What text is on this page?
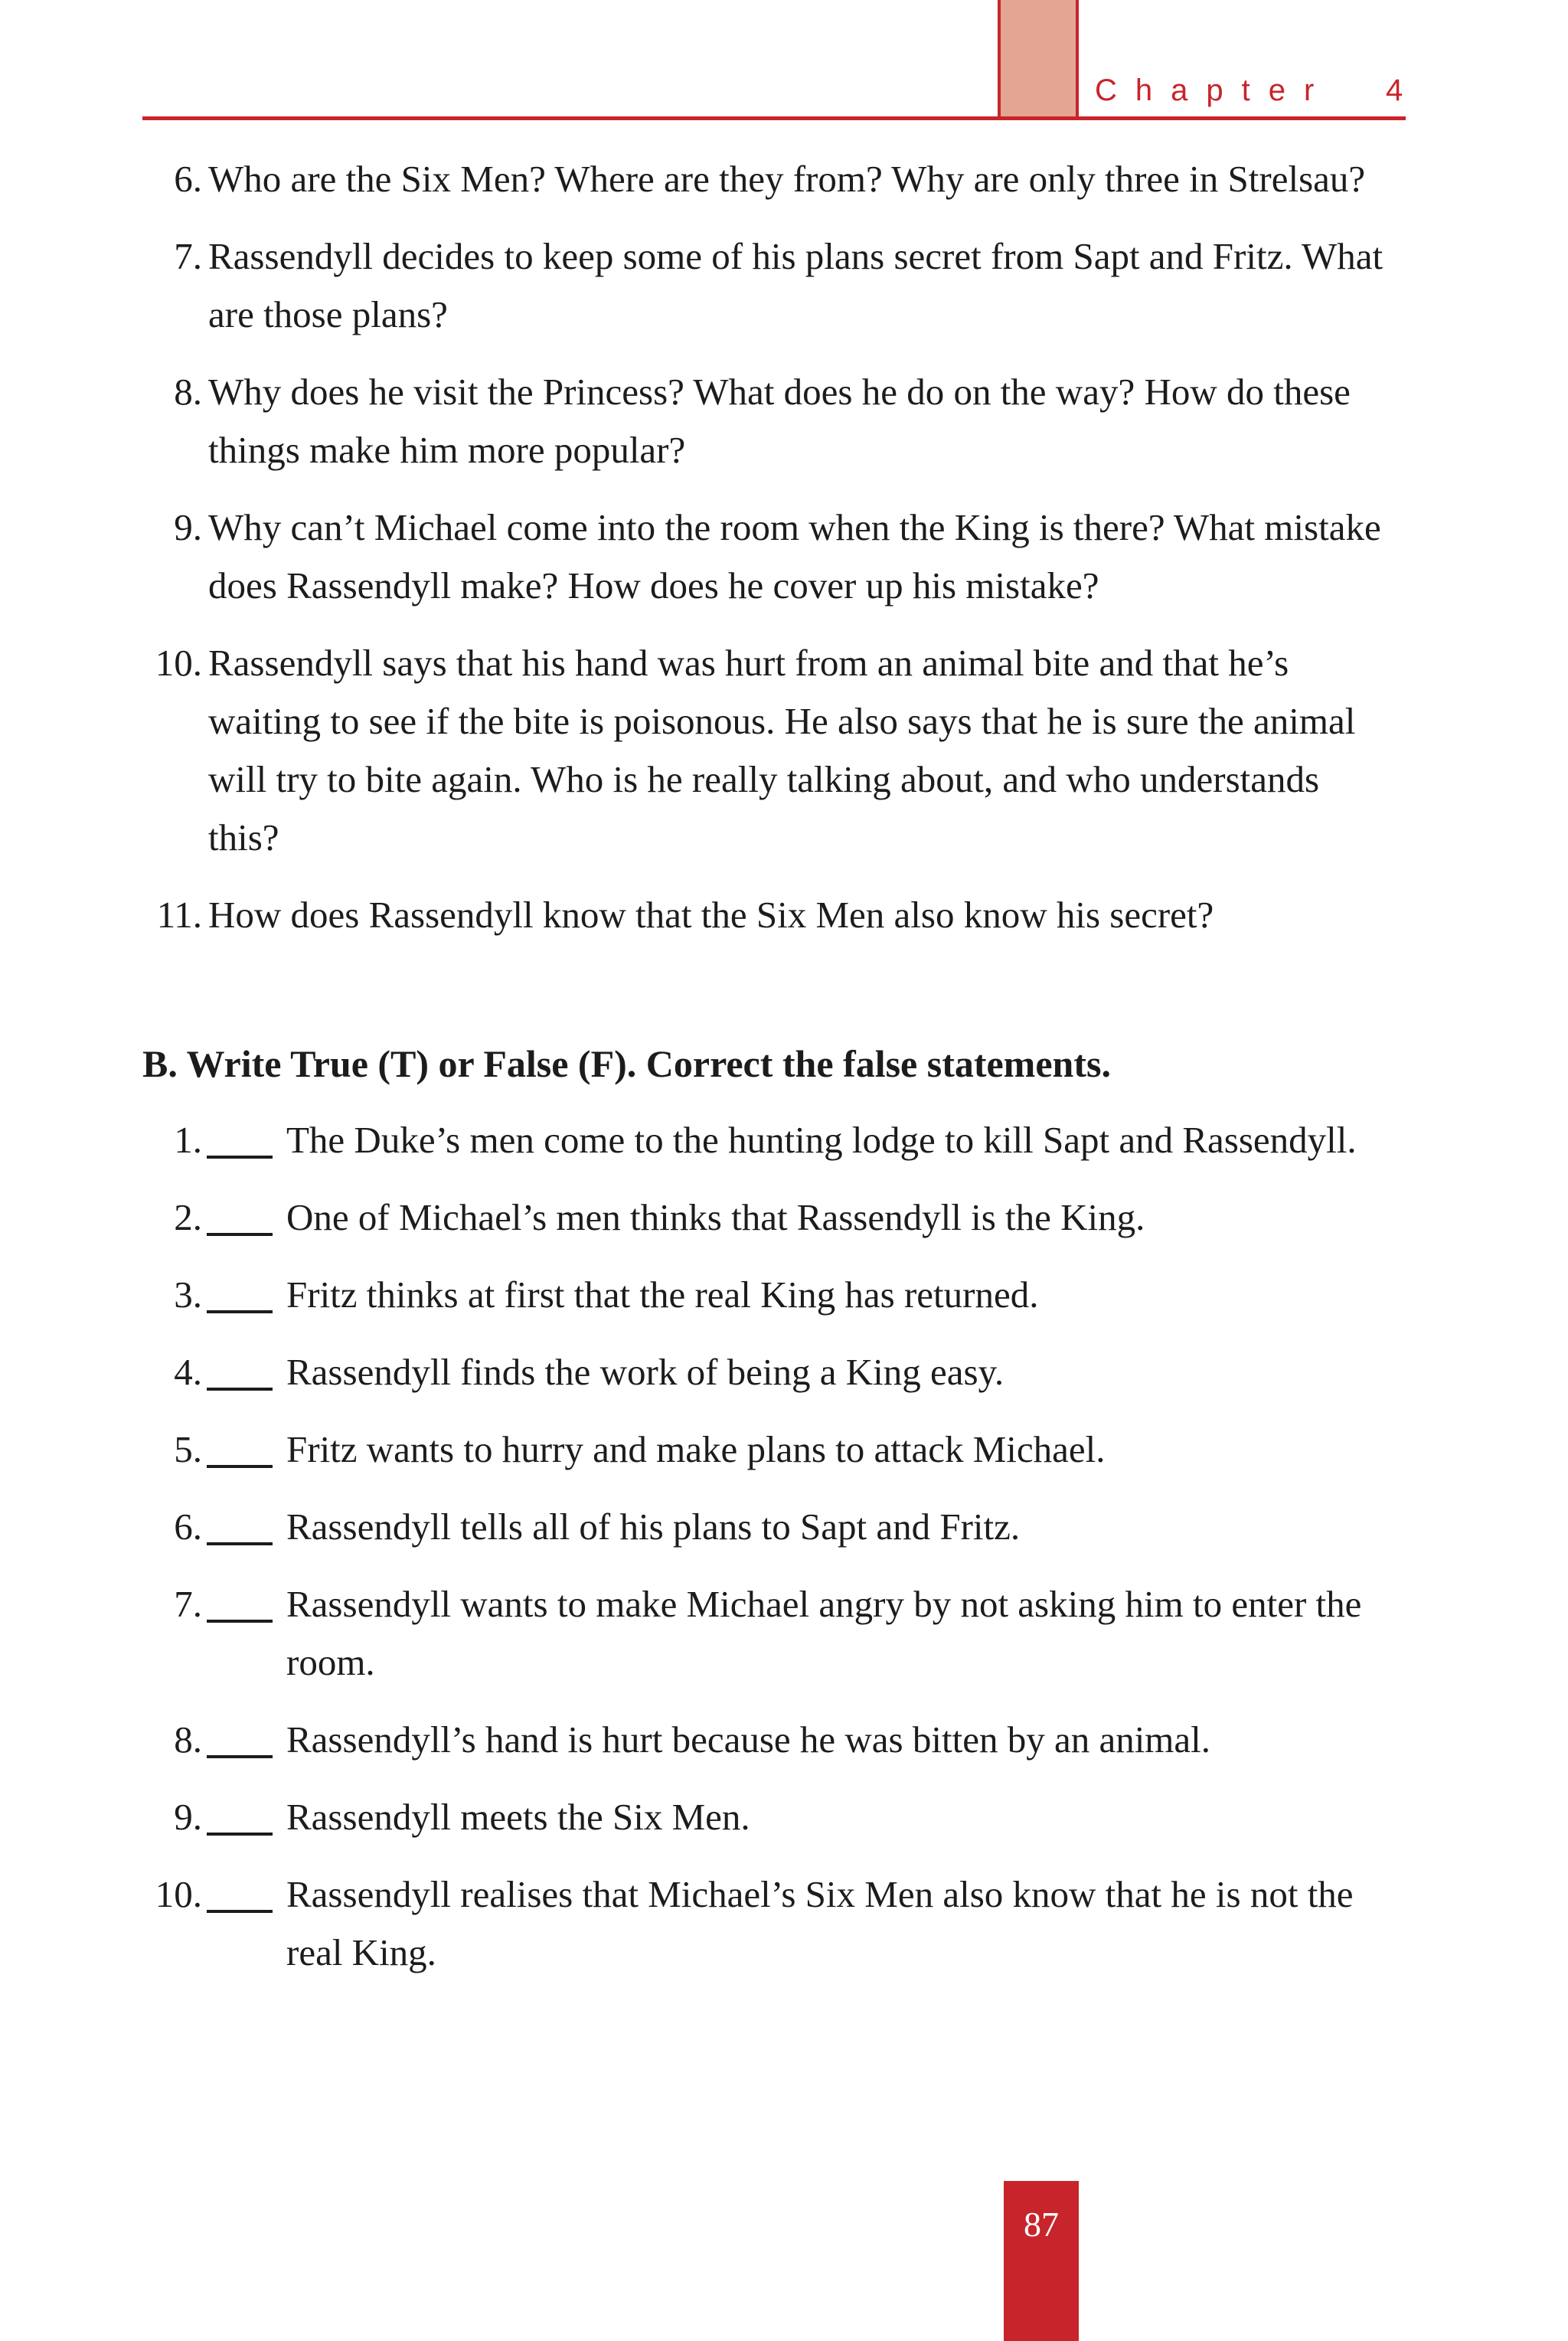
Chapter 4
6. Who are the Six Men? Where are they from? Why are only three in Strelsau?
7. Rassendyll decides to keep some of his plans secret from Sapt and Fritz. What are those plans?
8. Why does he visit the Princess? What does he do on the way? How do these things make him more popular?
9. Why can’t Michael come into the room when the King is there? What mistake does Rassendyll make? How does he cover up his mistake?
10. Rassendyll says that his hand was hurt from an animal bite and that he’s waiting to see if the bite is poisonous. He also says that he is sure the animal will try to bite again. Who is he really talking about, and who understands this?
11. How does Rassendyll know that the Six Men also know his secret?
B. Write True (T) or False (F). Correct the false statements.
1.
The Duke’s men come to the hunting lodge to kill Sapt and Rassendyll.
2.
One of Michael’s men thinks that Rassendyll is the King.
3.
Fritz thinks at first that the real King has returned.
4.
Rassendyll finds the work of being a King easy.
5.
Fritz wants to hurry and make plans to attack Michael.
6.
Rassendyll tells all of his plans to Sapt and Fritz.
7.
Rassendyll wants to make Michael angry by not asking him to enter the room.
8.
Rassendyll’s hand is hurt because he was bitten by an animal.
9.
Rassendyll meets the Six Men.
10.
Rassendyll realises that Michael’s Six Men also know that he is not the real King.
87
